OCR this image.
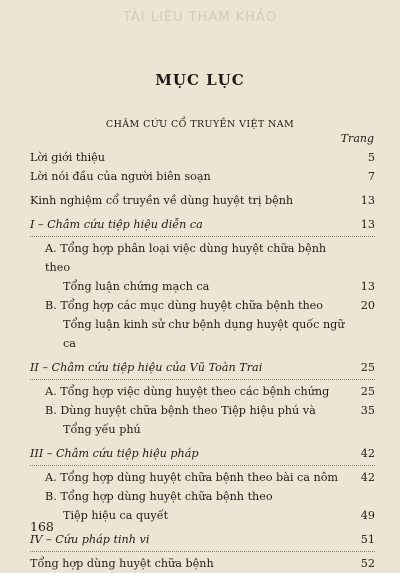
TÀI LIỆU THAM KHẢO
MỤC LỤC
CHÂM CỨU CỔ TRUYỀN VIỆT NAM
Trang
Lời giới thiệu	5
Lời nói đầu của người biên soạn	7
Kinh nghiệm cổ truyền về dùng huyệt trị bệnh	13
I – Châm cứu tiệp hiệu diễn ca	13
A. Tổng hợp phân loại việc dùng huyệt chữa bệnh theo
Tổng luận chứng mạch ca	13
B. Tổng hợp các mục dùng huyệt chữa bệnh theo	20
Tổng luận kinh sử chư bệnh dụng huyệt quốc ngữ ca
II – Châm cứu tiệp hiệu của Vũ Toàn Trai	25
A. Tổng hợp việc dùng huyệt theo các bệnh chứng	25
B. Dùng huyệt chữa bệnh theo Tiệp hiệu phú và	35
Tổng yếu phú
III – Châm cứu tiệp hiệu pháp	42
A. Tổng hợp dùng huyệt chữa bệnh theo bài ca nôm	42
B. Tổng hợp dùng huyệt chữa bệnh theo
Tiệp hiệu ca quyết	49
IV – Cứu pháp tinh vi	51
Tổng hợp dùng huyệt chữa bệnh	52
168
